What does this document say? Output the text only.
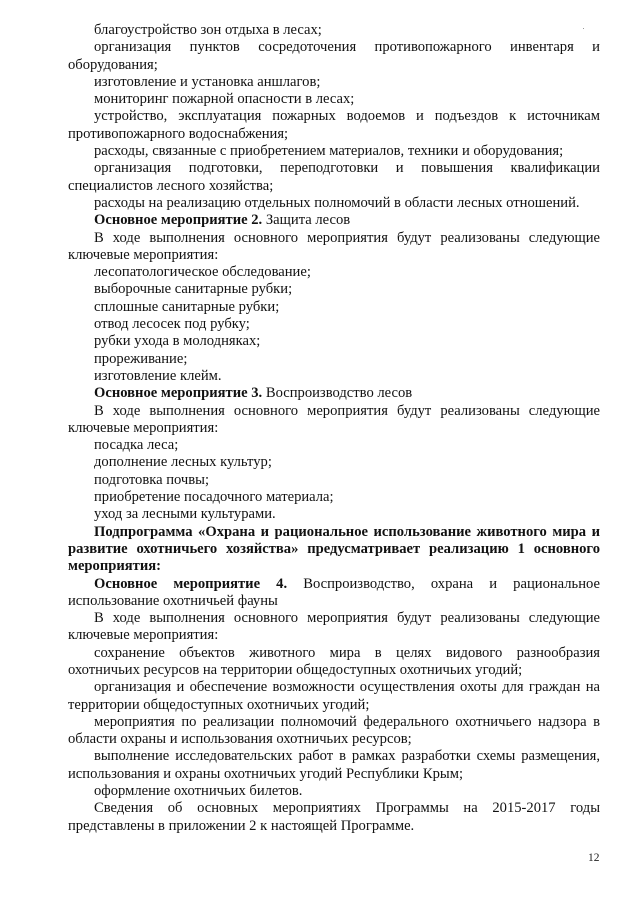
благоустройство зон отдыха в лесах;

организация пунктов сосредоточения противопожарного инвентаря и оборудования;

изготовление и установка аншлагов;

мониторинг пожарной опасности в лесах;

устройство, эксплуатация пожарных водоемов и подъездов к источникам противопожарного водоснабжения;

расходы, связанные с приобретением материалов, техники и оборудования;

организация подготовки, переподготовки и повышения квалификации специалистов лесного хозяйства;

расходы на реализацию отдельных полномочий в области лесных отношений.

Основное мероприятие 2. Защита лесов

В ходе выполнения основного мероприятия будут реализованы следующие ключевые мероприятия:

лесопатологическое обследование;

выборочные санитарные рубки;

сплошные санитарные рубки;

отвод лесосек под рубку;

рубки ухода в молодняках;

прореживание;

изготовление клейм.

Основное мероприятие 3. Воспроизводство лесов

В ходе выполнения основного мероприятия будут реализованы следующие ключевые мероприятия:

посадка леса;

дополнение лесных культур;

подготовка почвы;

приобретение посадочного материала;

уход за лесными культурами.

Подпрограмма «Охрана и рациональное использование животного мира и развитие охотничьего хозяйства» предусматривает реализацию 1 основного мероприятия:

Основное мероприятие 4. Воспроизводство, охрана и рациональное использование охотничьей фауны

В ходе выполнения основного мероприятия будут реализованы следующие ключевые мероприятия:

сохранение объектов животного мира в целях видового разнообразия охотничьих ресурсов на территории общедоступных охотничьих угодий;

организация и обеспечение возможности осуществления охоты для граждан на территории общедоступных охотничьих угодий;

мероприятия по реализации полномочий федерального охотничьего надзора в области охраны и использования охотничьих ресурсов;

выполнение исследовательских работ в рамках разработки схемы размещения, использования и охраны охотничьих угодий Республики Крым;

оформление охотничьих билетов.

Сведения об основных мероприятиях Программы на 2015-2017 годы представлены в приложении 2 к настоящей Программе.

12
